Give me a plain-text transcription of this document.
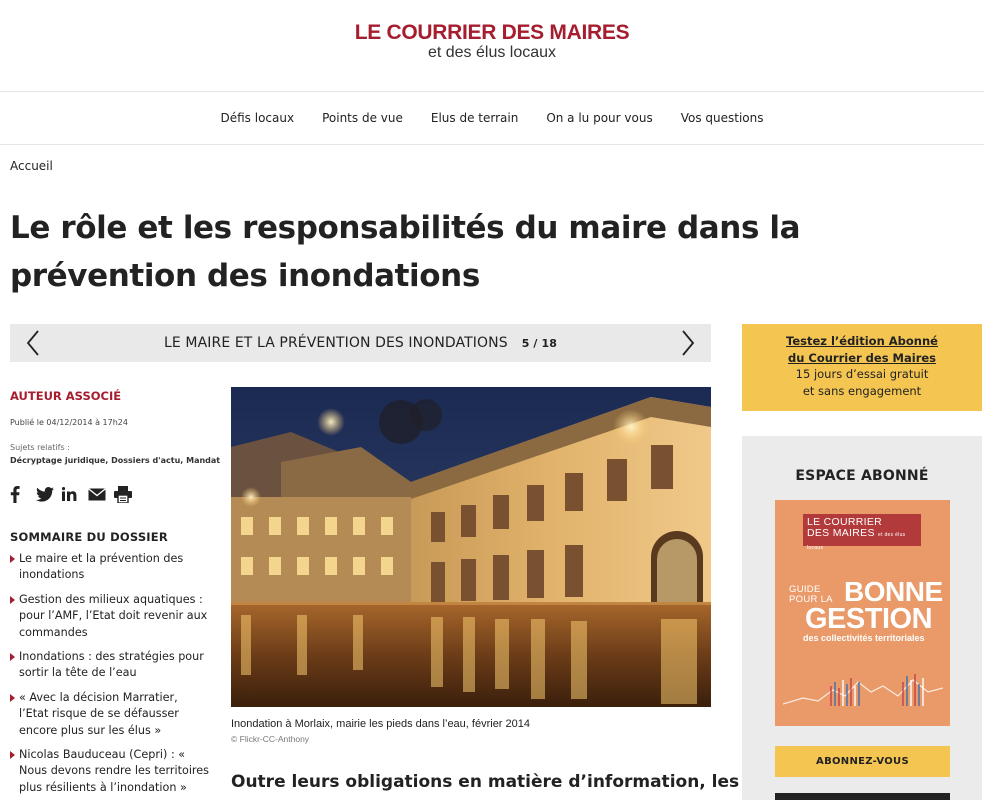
LE COURRIER DES MAIRES
et des élus locaux
Défis locaux Points de vue Elus de terrain On a lu pour vous Vos questions
Accueil
Le rôle et les responsabilités du maire dans la prévention des inondations
LE MAIRE ET LA PRÉVENTION DES INONDATIONS 5 / 18
AUTEUR ASSOCIÉ
Publié le 04/12/2014 à 17h24
Sujets relatifs :
Décryptage juridique, Dossiers d'actu, Mandat
SOMMAIRE DU DOSSIER
Le maire et la prévention des inondations
Gestion des milieux aquatiques : pour l’AMF, l’Etat doit revenir aux commandes
Inondations : des stratégies pour sortir la tête de l’eau
« Avec la décision Marratier, l’Etat risque de se défausser encore plus sur les élus »
Nicolas Bauduceau (Cepri) : « Nous devons rendre les territoires plus résilients à l’inondation »
Inondation à Morlaix, mairie les pieds dans l’eau, février 2014
© Flickr-CC-Anthony
Outre leurs obligations en matière d’information, les
Testez l’édition Abonné
du Courrier des Maires
15 jours d’essai gratuit
et sans engagement
ESPACE ABONNÉ
LE COURRIER
DES MAIRES et des élus locaux
GUIDE
POUR LA BONNE
GESTION
des collectivités territoriales
ABONNEZ-VOUS
